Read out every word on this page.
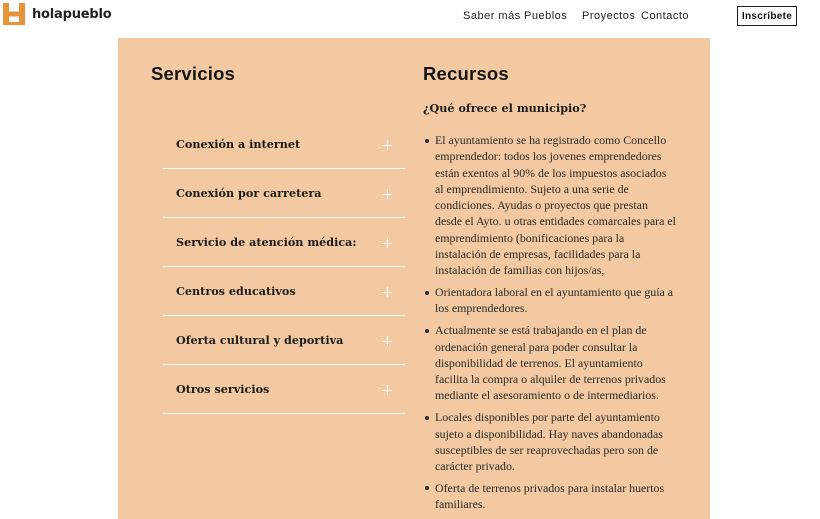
holapueblo	Saber más Pueblos Proyectos Contacto	Inscríbete
Servicios
Conexión a internet
Conexión por carretera
Servicio de atención médica:
Centros educativos
Oferta cultural y deportiva
Otros servicios
Recursos

¿Qué ofrece el municipio?

El ayuntamiento se ha registrado como Concello emprendedor: todos los jovenes emprendedores están exentos al 90% de los impuestos asociados al emprendimiento. Sujeto a una serie de condiciones. Ayudas o proyectos que prestan desde el Ayto. u otras entidades comarcales para el emprendimiento (bonificaciones para la instalación de empresas, facilidades para la instalación de familias con hijos/as,
Orientadora laboral en el ayuntamiento que guía a los emprendedores.
Actualmente se está trabajando en el plan de ordenación general para poder consultar la disponibilidad de terrenos. El ayuntamiento facilita la compra o alquiler de terrenos privados mediante el asesoramiento o de intermediarios.
Locales disponibles por parte del ayuntamiento sujeto a disponibilidad. Hay naves abandonadas susceptibles de ser reaprovechadas pero son de carácter privado.
Oferta de terrenos privados para instalar huertos familiares.
